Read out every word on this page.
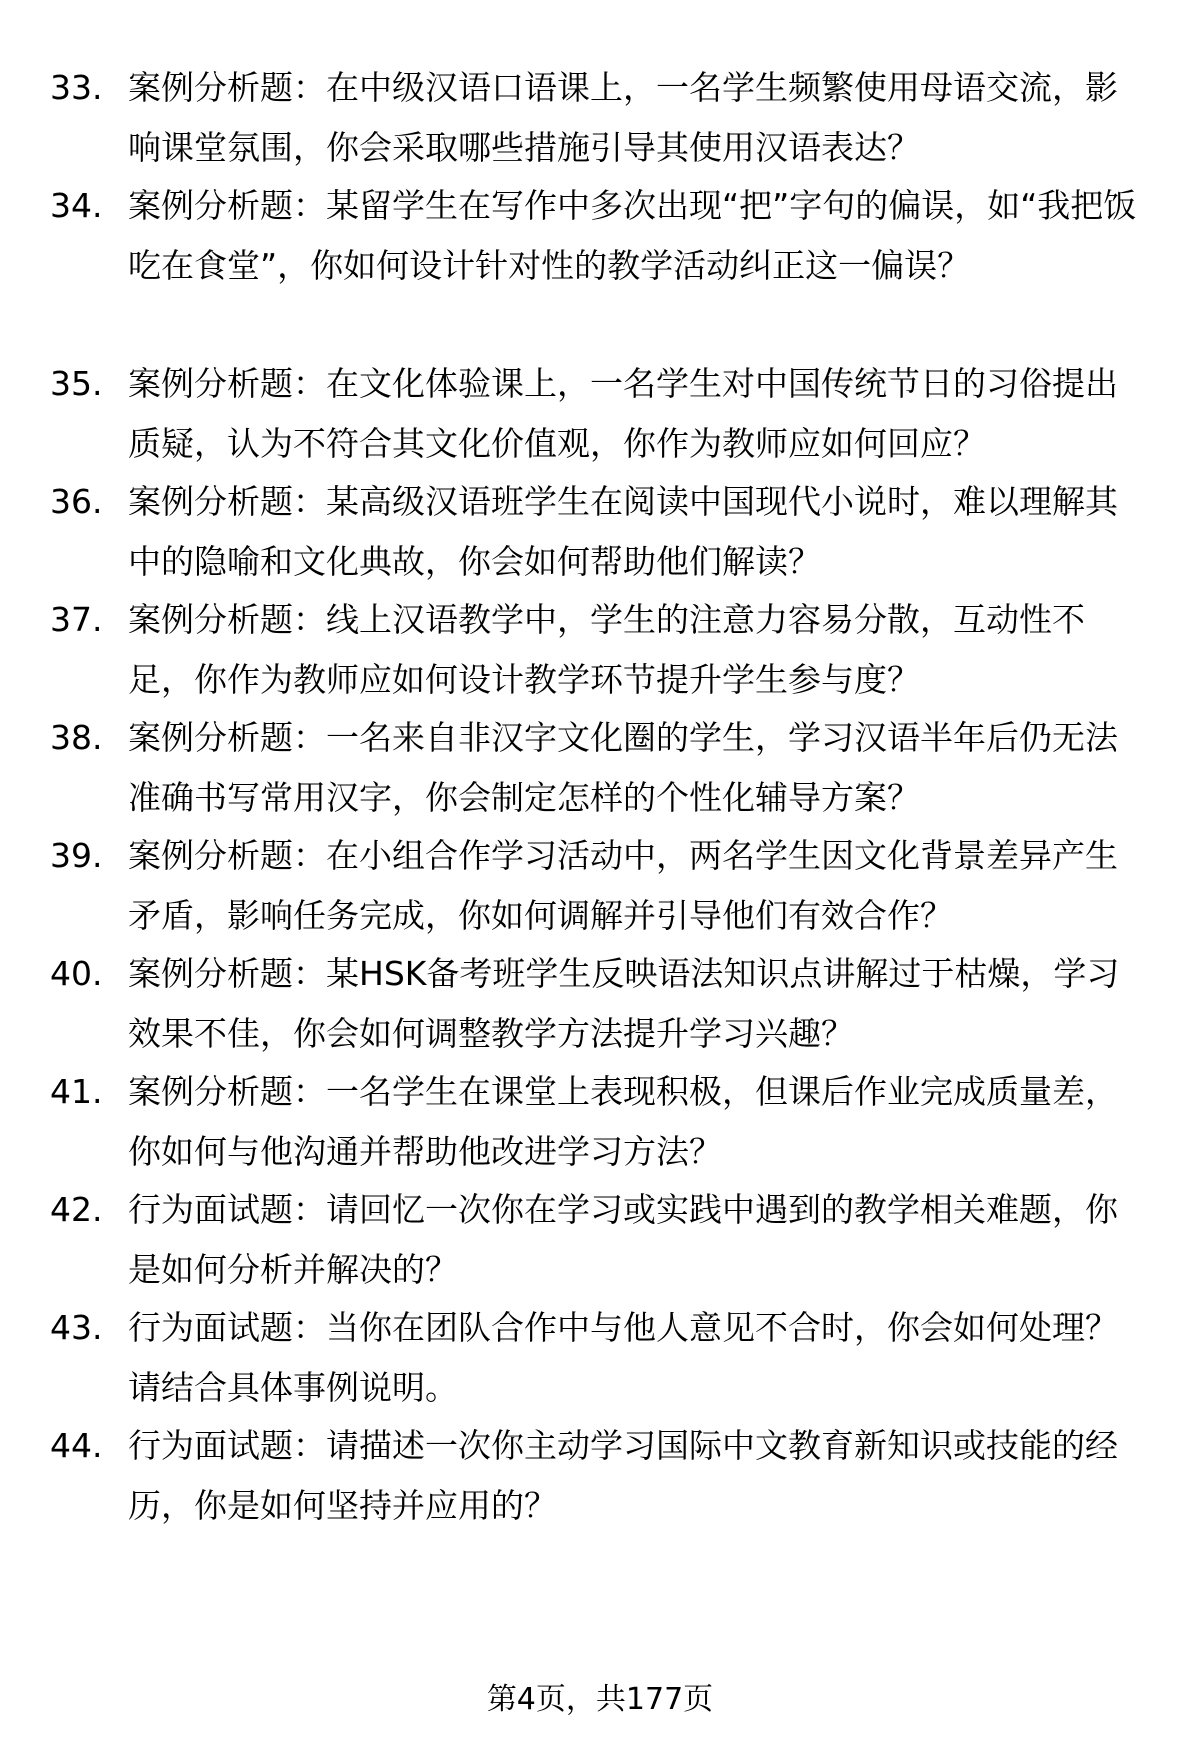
33. 案例分析题：在中级汉语口语课上，一名学生频繁使用母语交流，影响课堂氛围，你会采取哪些措施引导其使用汉语表达？
34. 案例分析题：某留学生在写作中多次出现“把”字句的偏误，如“我把饭吃在食堂”，你如何设计针对性的教学活动纠正这一偏误？
35. 案例分析题：在文化体验课上，一名学生对中国传统节日的习俗提出质疑，认为不符合其文化价值观，你作为教师应如何回应？
36. 案例分析题：某高级汉语班学生在阅读中国现代小说时，难以理解其中的隐喻和文化典故，你会如何帮助他们解读？
37. 案例分析题：线上汉语教学中，学生的注意力容易分散，互动性不足，你作为教师应如何设计教学环节提升学生参与度？
38. 案例分析题：一名来自非汉字文化圈的学生，学习汉语半年后仍无法准确书写常用汉字，你会制定怎样的个性化辅导方案？
39. 案例分析题：在小组合作学习活动中，两名学生因文化背景差异产生矛盾，影响任务完成，你如何调解并引导他们有效合作？
40. 案例分析题：某HSK备考班学生反映语法知识点讲解过于枯燥，学习效果不佳，你会如何调整教学方法提升学习兴趣？
41. 案例分析题：一名学生在课堂上表现积极，但课后作业完成质量差，你如何与他沟通并帮助他改进学习方法？
42. 行为面试题：请回忆一次你在学习或实践中遇到的教学相关难题，你是如何分析并解决的？
43. 行为面试题：当你在团队合作中与他人意见不合时，你会如何处理？请结合具体事例说明。
44. 行为面试题：请描述一次你主动学习国际中文教育新知识或技能的经历，你是如何坚持并应用的？
第4页，共177页
